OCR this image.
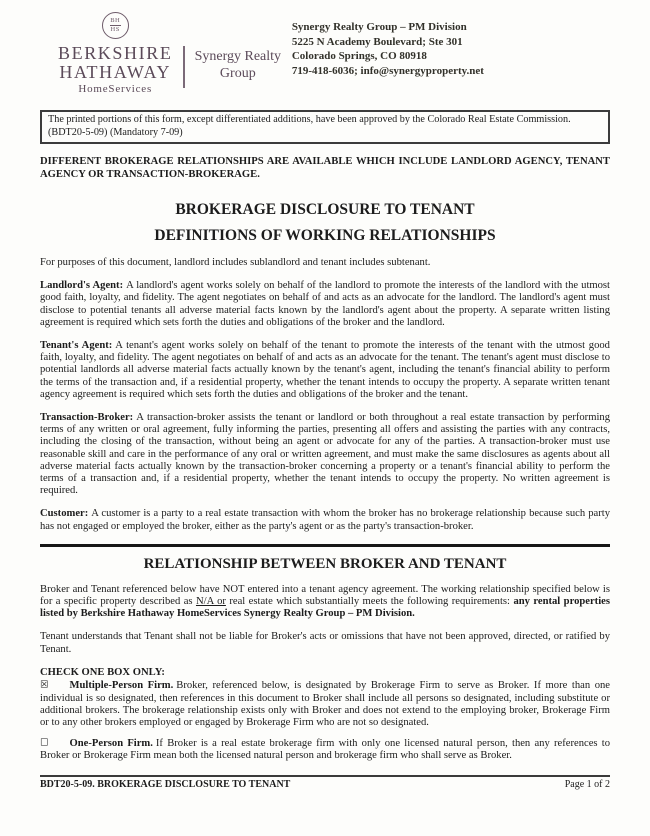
BH
HS
BERKSHIRE
HATHAWAY
HomeServices
Synergy Realty
Group
Synergy Realty Group – PM Division
5225 N Academy Boulevard; Ste 301
Colorado Springs, CO 80918
719-418-6036; info@synergyproperty.net
The printed portions of this form, except differentiated additions, have been approved by the Colorado Real Estate Commission.
(BDT20-5-09) (Mandatory 7-09)

DIFFERENT BROKERAGE RELATIONSHIPS ARE AVAILABLE WHICH INCLUDE LANDLORD AGENCY, TENANT AGENCY OR TRANSACTION-BROKERAGE.

BROKERAGE DISCLOSURE TO TENANT
DEFINITIONS OF WORKING RELATIONSHIPS

For purposes of this document, landlord includes sublandlord and tenant includes subtenant.

Landlord's Agent: A landlord's agent works solely on behalf of the landlord to promote the interests of the landlord with the utmost good faith, loyalty, and fidelity. The agent negotiates on behalf of and acts as an advocate for the landlord. The landlord's agent must disclose to potential tenants all adverse material facts known by the landlord's agent about the property. A separate written listing agreement is required which sets forth the duties and obligations of the broker and the landlord.

Tenant's Agent: A tenant's agent works solely on behalf of the tenant to promote the interests of the tenant with the utmost good faith, loyalty, and fidelity. The agent negotiates on behalf of and acts as an advocate for the tenant. The tenant's agent must disclose to potential landlords all adverse material facts actually known by the tenant's agent, including the tenant's financial ability to perform the terms of the transaction and, if a residential property, whether the tenant intends to occupy the property. A separate written tenant agency agreement is required which sets forth the duties and obligations of the broker and the tenant.

Transaction-Broker: A transaction-broker assists the tenant or landlord or both throughout a real estate transaction by performing terms of any written or oral agreement, fully informing the parties, presenting all offers and assisting the parties with any contracts, including the closing of the transaction, without being an agent or advocate for any of the parties. A transaction-broker must use reasonable skill and care in the performance of any oral or written agreement, and must make the same disclosures as agents about all adverse material facts actually known by the transaction-broker concerning a property or a tenant's financial ability to perform the terms of a transaction and, if a residential property, whether the tenant intends to occupy the property. No written agreement is required.

Customer: A customer is a party to a real estate transaction with whom the broker has no brokerage relationship because such party has not engaged or employed the broker, either as the party's agent or as the party's transaction-broker.

RELATIONSHIP BETWEEN BROKER AND TENANT

Broker and Tenant referenced below have NOT entered into a tenant agency agreement. The working relationship specified below is for a specific property described as N/A or real estate which substantially meets the following requirements: any rental properties listed by Berkshire Hathaway HomeServices Synergy Realty Group – PM Division.

Tenant understands that Tenant shall not be liable for Broker's acts or omissions that have not been approved, directed, or ratified by Tenant.

CHECK ONE BOX ONLY:

☒ Multiple-Person Firm. Broker, referenced below, is designated by Brokerage Firm to serve as Broker. If more than one individual is so designated, then references in this document to Broker shall include all persons so designated, including substitute or additional brokers. The brokerage relationship exists only with Broker and does not extend to the employing broker, Brokerage Firm or to any other brokers employed or engaged by Brokerage Firm who are not so designated.

☐ One-Person Firm. If Broker is a real estate brokerage firm with only one licensed natural person, then any references to Broker or Brokerage Firm mean both the licensed natural person and brokerage firm who shall serve as Broker.

BDT20-5-09. BROKERAGE DISCLOSURE TO TENANT	Page 1 of 2
